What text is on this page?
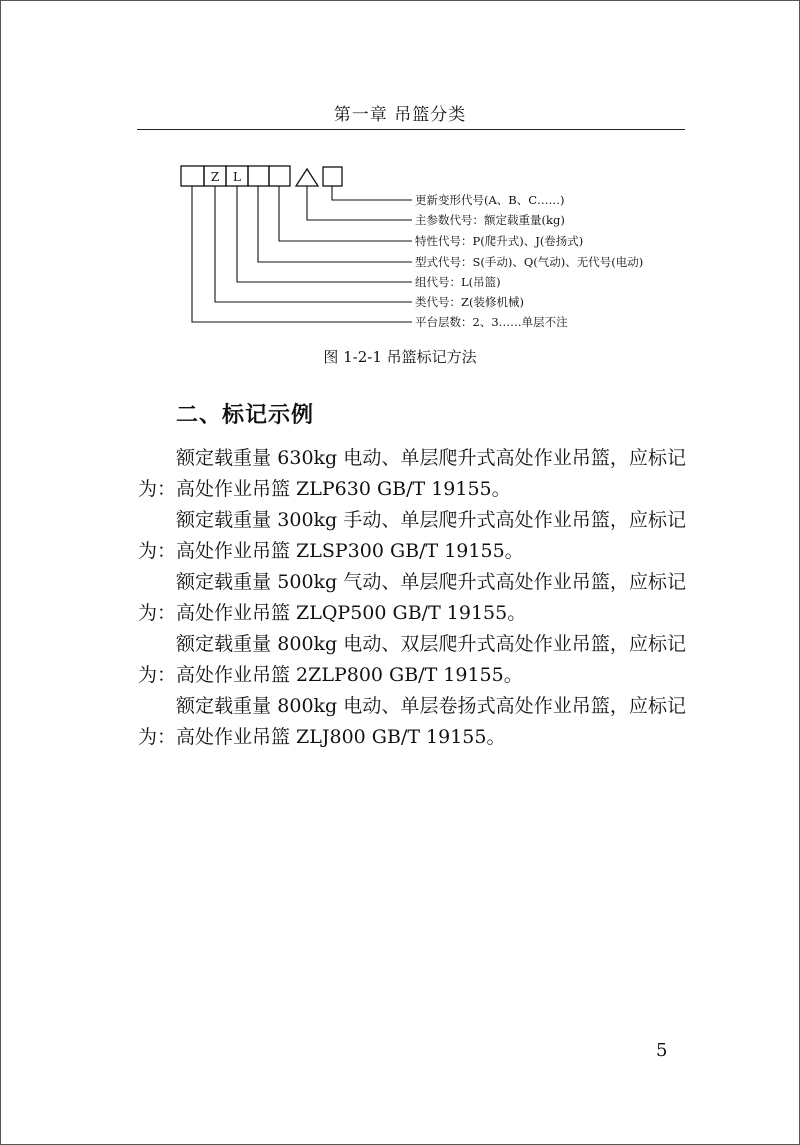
第一章 吊篮分类
Z L
更新变形代号(A、B、C……)
主参数代号：额定载重量(kg)
特性代号：P(爬升式)、J(卷扬式)
型式代号：S(手动)、Q(气动)、无代号(电动)
组代号：L(吊篮)
类代号：Z(装修机械)
平台层数：2、3……单层不注
图 1-2-1 吊篮标记方法
二、标记示例

额定载重量 630kg 电动、单层爬升式高处作业吊篮，应标记为：高处作业吊篮 ZLP630 GB/T 19155。

额定载重量 300kg 手动、单层爬升式高处作业吊篮，应标记为：高处作业吊篮 ZLSP300 GB/T 19155。

额定载重量 500kg 气动、单层爬升式高处作业吊篮，应标记为：高处作业吊篮 ZLQP500 GB/T 19155。

额定载重量 800kg 电动、双层爬升式高处作业吊篮，应标记为：高处作业吊篮 2ZLP800 GB/T 19155。

额定载重量 800kg 电动、单层卷扬式高处作业吊篮，应标记为：高处作业吊篮 ZLJ800 GB/T 19155。

5
